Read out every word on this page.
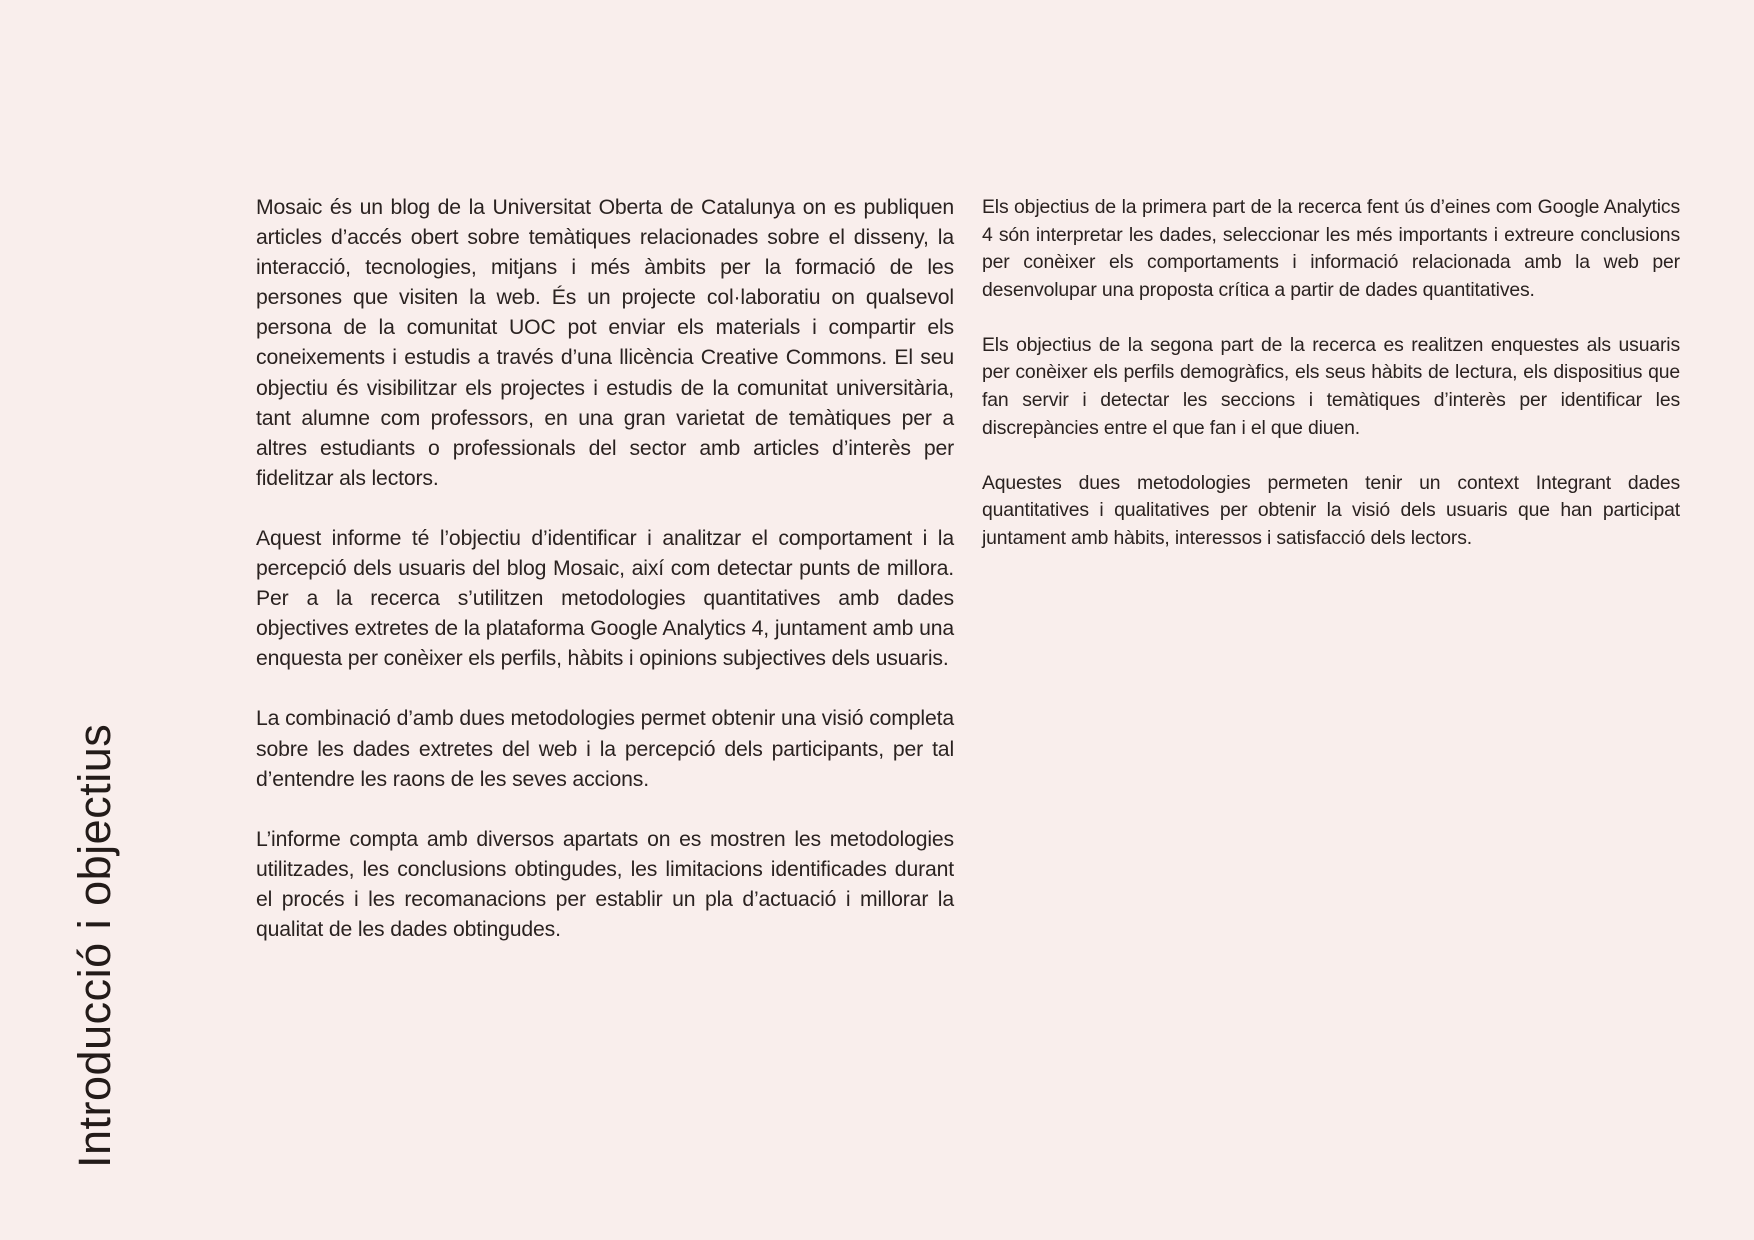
Introducció i objectius

Mosaic és un blog de la Universitat Oberta de Catalunya on es publiquen articles d’accés obert sobre temàtiques relacionades sobre el disseny, la interacció, tecnologies, mitjans i més àmbits per la formació de les persones que visiten la web. És un projecte col·laboratiu on qualsevol persona de la comunitat UOC pot enviar els materials i compartir els coneixements i estudis a través d’una llicència Creative Commons. El seu objectiu és visibilitzar els projectes i estudis de la comunitat universitària, tant alumne com professors, en una gran varietat de temàtiques per a altres estudiants o professionals del sector amb articles d’interès per fidelitzar als lectors.

Aquest informe té l’objectiu d’identificar i analitzar el comportament i la percepció dels usuaris del blog Mosaic, així com detectar punts de millora. Per a la recerca s’utilitzen metodologies quantitatives amb dades objectives extretes de la plataforma Google Analytics 4, juntament amb una enquesta per conèixer els perfils, hàbits i opinions subjectives dels usuaris.

La combinació d’amb dues metodologies permet obtenir una visió completa sobre les dades extretes del web i la percepció dels participants, per tal d’entendre les raons de les seves accions.

L’informe compta amb diversos apartats on es mostren les metodologies utilitzades, les conclusions obtingudes, les limitacions identificades durant el procés i les recomanacions per establir un pla d’actuació i millorar la qualitat de les dades obtingudes.

Els objectius de la primera part de la recerca fent ús d’eines com Google Analytics 4 són interpretar les dades, seleccionar les més importants i extreure conclusions per conèixer els comportaments i informació relacionada amb la web per desenvolupar una proposta crítica a partir de dades quantitatives.

Els objectius de la segona part de la recerca es realitzen enquestes als usuaris per conèixer els perfils demogràfics, els seus hàbits de lectura, els dispositius que fan servir i detectar les seccions i temàtiques d’interès per identificar les discrepàncies entre el que fan i el que diuen.

Aquestes dues metodologies permeten tenir un context Integrant dades quantitatives i qualitatives per obtenir la visió dels usuaris que han participat juntament amb hàbits, interessos i satisfacció dels lectors.
